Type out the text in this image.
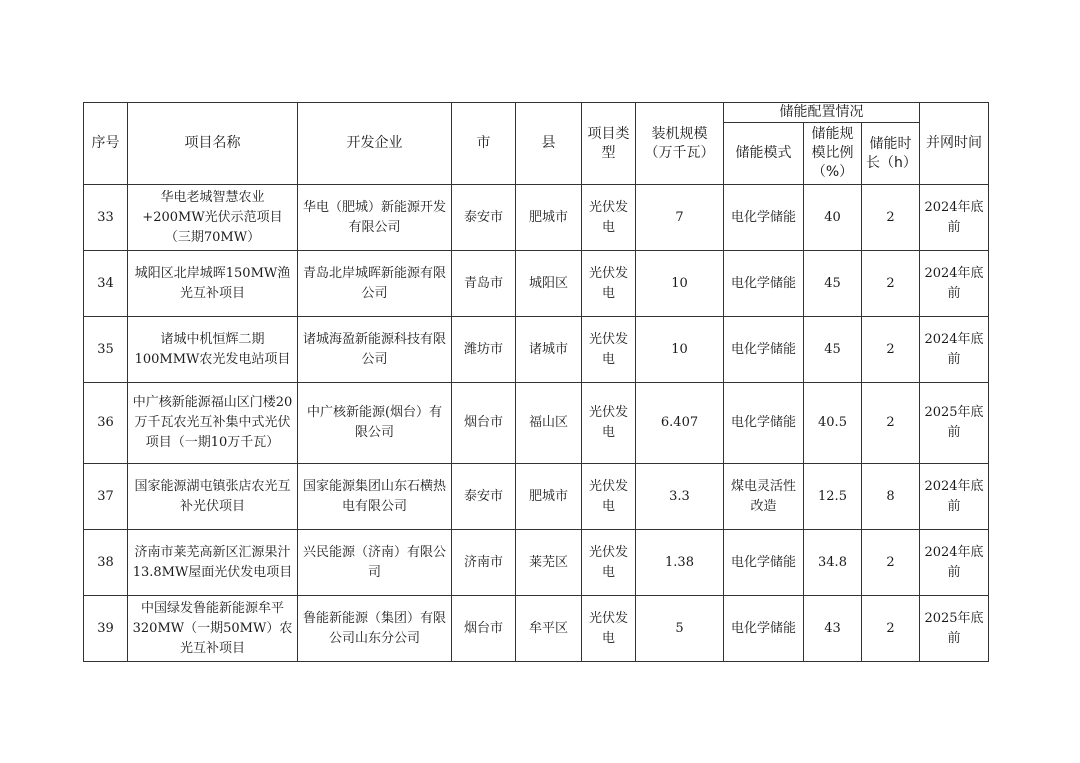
序号	项目名称	开发企业	市	县	项目类型	装机规模（万千瓦）	储能配置情况			并网时间
							储能模式	储能规模比例（%）	储能时长（h）	
33	华电老城智慧农业+200MW光伏示范项目（三期70MW）	华电（肥城）新能源开发有限公司	泰安市	肥城市	光伏发电	7	电化学储能	40	2	2024年底前
34	城阳区北岸城晖150MW渔光互补项目	青岛北岸城晖新能源有限公司	青岛市	城阳区	光伏发电	10	电化学储能	45	2	2024年底前
35	诸城中机恒辉二期100MMW农光发电站项目	诸城海盈新能源科技有限公司	潍坊市	诸城市	光伏发电	10	电化学储能	45	2	2024年底前
36	中广核新能源福山区门楼20万千瓦农光互补集中式光伏项目（一期10万千瓦）	中广核新能源(烟台）有限公司	烟台市	福山区	光伏发电	6.407	电化学储能	40.5	2	2025年底前
37	国家能源湖屯镇张店农光互补光伏项目	国家能源集团山东石横热电有限公司	泰安市	肥城市	光伏发电	3.3	煤电灵活性改造	12.5	8	2024年底前
38	济南市莱芜高新区汇源果汁13.8MW屋面光伏发电项目	兴民能源（济南）有限公司	济南市	莱芜区	光伏发电	1.38	电化学储能	34.8	2	2024年底前
39	中国绿发鲁能新能源牟平320MW（一期50MW）农光互补项目	鲁能新能源（集团）有限公司山东分公司	烟台市	牟平区	光伏发电	5	电化学储能	43	2	2025年底前
